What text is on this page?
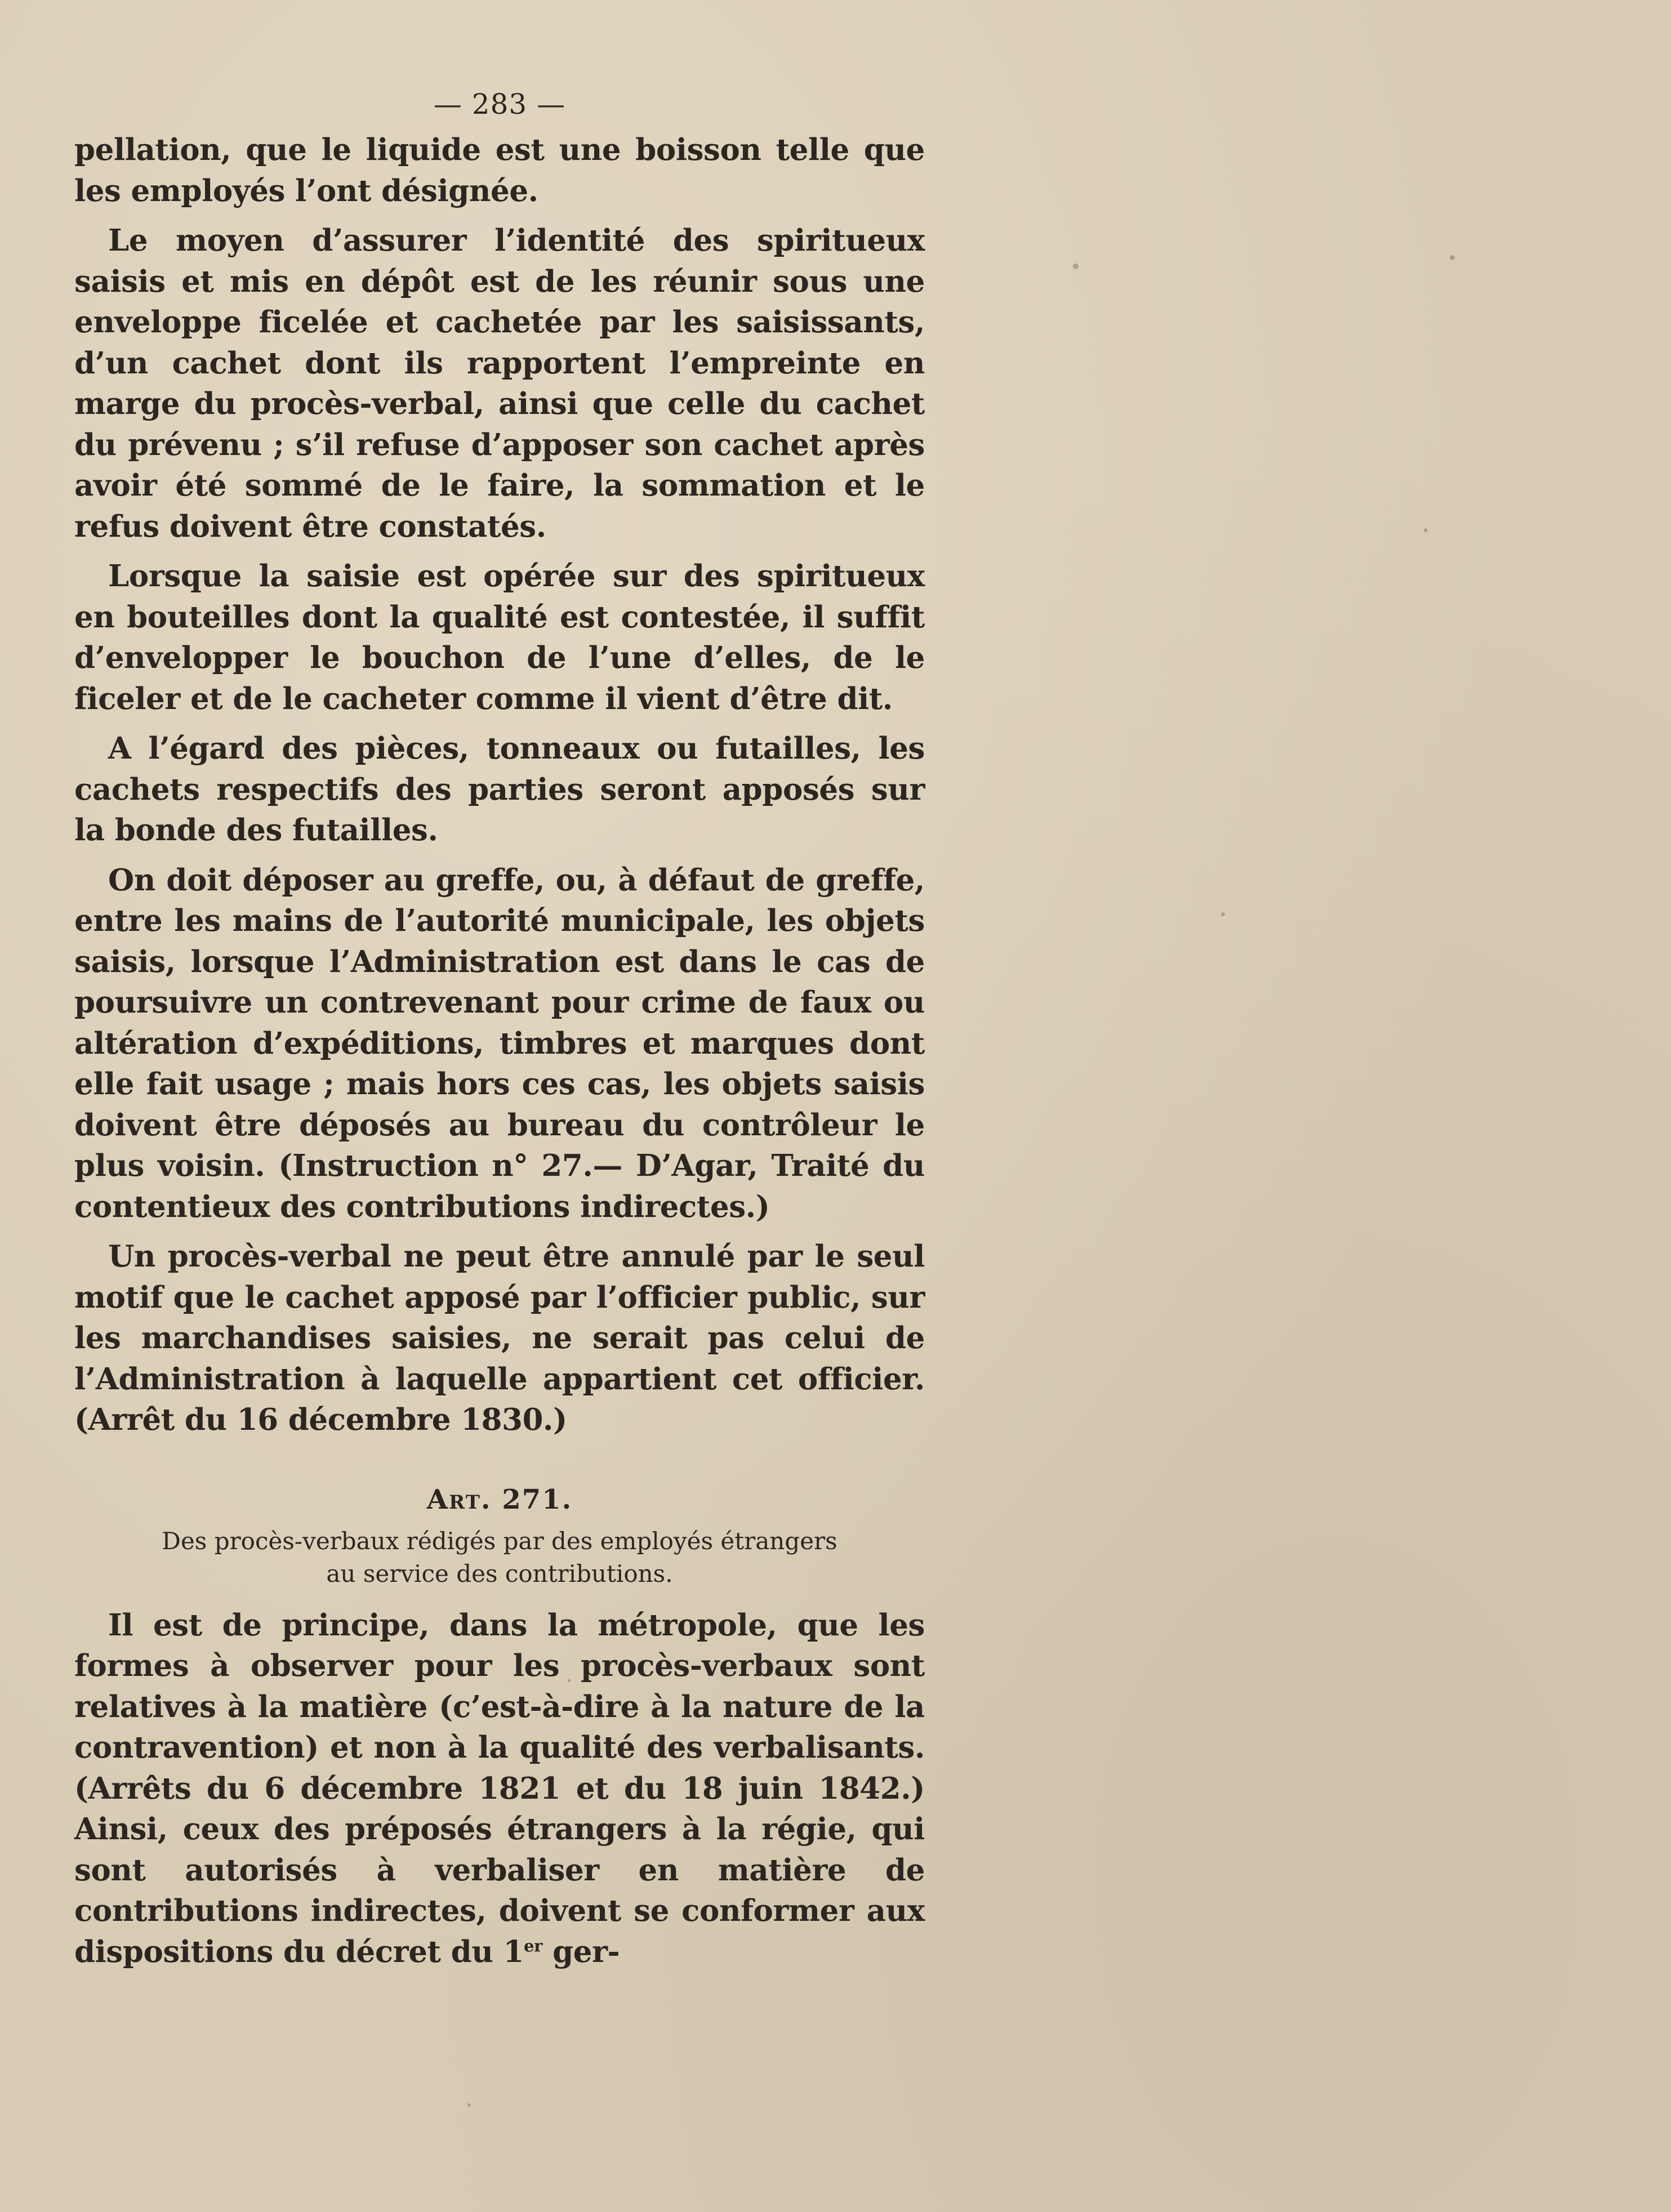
— 283 —

pellation, que le liquide est une boisson telle que les employés l’ont désignée.

Le moyen d’assurer l’identité des spiritueux saisis et mis en dépôt est de les réunir sous une enveloppe ficelée et cachetée par les saisissants, d’un cachet dont ils rapportent l’empreinte en marge du procès-verbal, ainsi que celle du cachet du prévenu ; s’il refuse d’apposer son cachet après avoir été sommé de le faire, la sommation et le refus doivent être constatés.

Lorsque la saisie est opérée sur des spiritueux en bouteilles dont la qualité est contestée, il suffit d’envelopper le bouchon de l’une d’elles, de le ficeler et de le cacheter comme il vient d’être dit.

A l’égard des pièces, tonneaux ou futailles, les cachets respectifs des parties seront apposés sur la bonde des futailles.

On doit déposer au greffe, ou, à défaut de greffe, entre les mains de l’autorité municipale, les objets saisis, lorsque l’Administration est dans le cas de poursuivre un contrevenant pour crime de faux ou altération d’expéditions, timbres et marques dont elle fait usage ; mais hors ces cas, les objets saisis doivent être déposés au bureau du contrôleur le plus voisin. (Instruction n° 27.— D’Agar, Traité du contentieux des contributions indirectes.)

Un procès-verbal ne peut être annulé par le seul motif que le cachet apposé par l’officier public, sur les marchandises saisies, ne serait pas celui de l’Administration à laquelle appartient cet officier. (Arrêt du 16 décembre 1830.)

Art. 271.
Des procès-verbaux rédigés par des employés étrangers
au service des contributions.

Il est de principe, dans la métropole, que les formes à observer pour les procès-verbaux sont relatives à la matière (c’est-à-dire à la nature de la contravention) et non à la qualité des verbalisants. (Arrêts du 6 décembre 1821 et du 18 juin 1842.) Ainsi, ceux des préposés étrangers à la régie, qui sont autorisés à verbaliser en matière de contributions indirectes, doivent se conformer aux dispositions du décret du 1er ger-
